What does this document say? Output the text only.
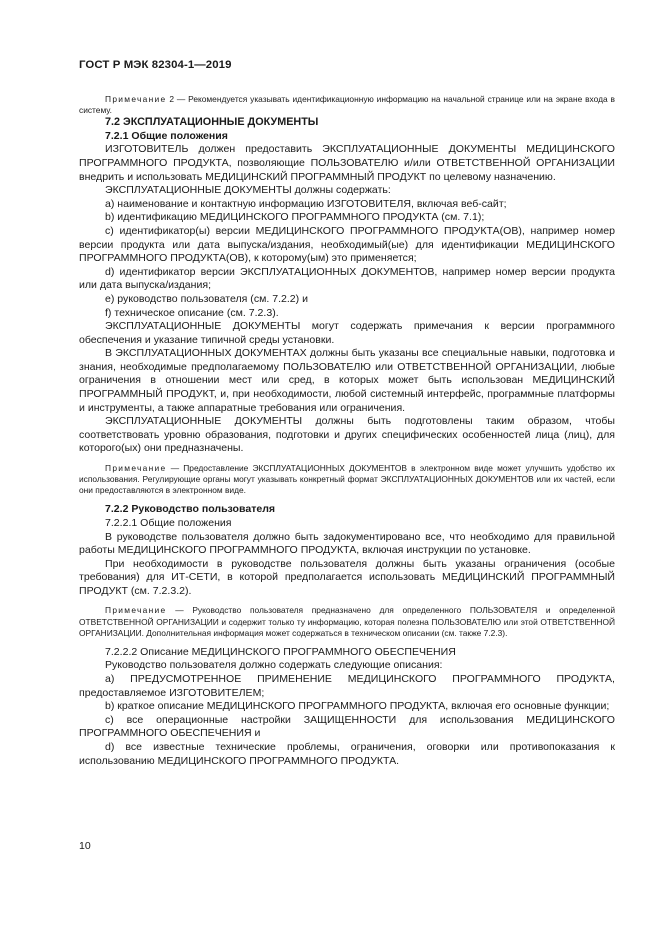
ГОСТ Р МЭК 82304-1—2019

Примечание 2 — Рекомендуется указывать идентификационную информацию на начальной странице или на экране входа в систему.

7.2 ЭКСПЛУАТАЦИОННЫЕ ДОКУМЕНТЫ

7.2.1 Общие положения

ИЗГОТОВИТЕЛЬ должен предоставить ЭКСПЛУАТАЦИОННЫЕ ДОКУМЕНТЫ МЕДИЦИНСКОГО ПРОГРАММНОГО ПРОДУКТА, позволяющие ПОЛЬЗОВАТЕЛЮ и/или ОТВЕТСТВЕННОЙ ОРГАНИЗАЦИИ внедрить и использовать МЕДИЦИНСКИЙ ПРОГРАММНЫЙ ПРОДУКТ по целевому назначению.

ЭКСПЛУАТАЦИОННЫЕ ДОКУМЕНТЫ должны содержать:

a) наименование и контактную информацию ИЗГОТОВИТЕЛЯ, включая веб-сайт;

b) идентификацию МЕДИЦИНСКОГО ПРОГРАММНОГО ПРОДУКТА (см. 7.1);

c) идентификатор(ы) версии МЕДИЦИНСКОГО ПРОГРАММНОГО ПРОДУКТА(ОВ), например номер версии продукта или дата выпуска/издания, необходимый(ые) для идентификации МЕДИЦИНСКОГО ПРОГРАММНОГО ПРОДУКТА(ОВ), к которому(ым) это применяется;

d) идентификатор версии ЭКСПЛУАТАЦИОННЫХ ДОКУМЕНТОВ, например номер версии продукта или дата выпуска/издания;

e) руководство пользователя (см. 7.2.2) и

f) техническое описание (см. 7.2.3).

ЭКСПЛУАТАЦИОННЫЕ ДОКУМЕНТЫ могут содержать примечания к версии программного обеспечения и указание типичной среды установки.

В ЭКСПЛУАТАЦИОННЫХ ДОКУМЕНТАХ должны быть указаны все специальные навыки, подготовка и знания, необходимые предполагаемому ПОЛЬЗОВАТЕЛЮ или ОТВЕТСТВЕННОЙ ОРГАНИЗАЦИИ, любые ограничения в отношении мест или сред, в которых может быть использован МЕДИЦИНСКИЙ ПРОГРАММНЫЙ ПРОДУКТ, и, при необходимости, любой системный интерфейс, программные платформы и инструменты, а также аппаратные требования или ограничения.

ЭКСПЛУАТАЦИОННЫЕ ДОКУМЕНТЫ должны быть подготовлены таким образом, чтобы соответствовать уровню образования, подготовки и других специфических особенностей лица (лиц), для которого(ых) они предназначены.

Примечание — Предоставление ЭКСПЛУАТАЦИОННЫХ ДОКУМЕНТОВ в электронном виде может улучшить удобство их использования. Регулирующие органы могут указывать конкретный формат ЭКСПЛУАТАЦИОННЫХ ДОКУМЕНТОВ или их частей, если они предоставляются в электронном виде.

7.2.2 Руководство пользователя

7.2.2.1 Общие положения

В руководстве пользователя должно быть задокументировано все, что необходимо для правильной работы МЕДИЦИНСКОГО ПРОГРАММНОГО ПРОДУКТА, включая инструкции по установке.

При необходимости в руководстве пользователя должны быть указаны ограничения (особые требования) для ИТ-СЕТИ, в которой предполагается использовать МЕДИЦИНСКИЙ ПРОГРАММНЫЙ ПРОДУКТ (см. 7.2.3.2).

Примечание — Руководство пользователя предназначено для определенного ПОЛЬЗОВАТЕЛЯ и определенной ОТВЕТСТВЕННОЙ ОРГАНИЗАЦИИ и содержит только ту информацию, которая полезна ПОЛЬЗОВАТЕЛЮ или этой ОТВЕТСТВЕННОЙ ОРГАНИЗАЦИИ. Дополнительная информация может содержаться в техническом описании (см. также 7.2.3).

7.2.2.2 Описание МЕДИЦИНСКОГО ПРОГРАММНОГО ОБЕСПЕЧЕНИЯ

Руководство пользователя должно содержать следующие описания:

a) ПРЕДУСМОТРЕННОЕ ПРИМЕНЕНИЕ МЕДИЦИНСКОГО ПРОГРАММНОГО ПРОДУКТА, предоставляемое ИЗГОТОВИТЕЛЕМ;

b) краткое описание МЕДИЦИНСКОГО ПРОГРАММНОГО ПРОДУКТА, включая его основные функции;

c) все операционные настройки ЗАЩИЩЕННОСТИ для использования МЕДИЦИНСКОГО ПРОГРАММНОГО ОБЕСПЕЧЕНИЯ и

d) все известные технические проблемы, ограничения, оговорки или противопоказания к использованию МЕДИЦИНСКОГО ПРОГРАММНОГО ПРОДУКТА.

10
